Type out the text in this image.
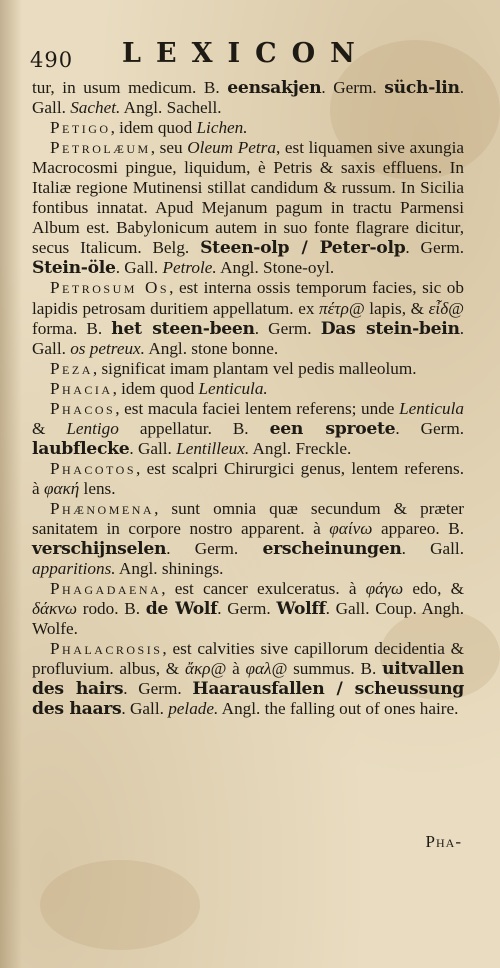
490 LEXICON

tur, in usum medicum. B. eensakjen. Germ. süch-lin. Gall. Sachet. Angl. Sachell.

Petigo, idem quod Lichen.

Petrolæum, seu Oleum Petra, est liquamen sive axungia Macrocosmi pingue, liquidum, è Petris & saxis effluens. In Italiæ regione Mutinensi stillat candidum & russum. In Sicilia fontibus innatat. Apud Mejanum pagum in tractu Parmensi Album est. Babylonicum autem in suo fonte flagrare dicitur, secus Italicum. Belg. Steen-olp / Peter-olp. Germ. Stein-öle. Gall. Petrole. Angl. Stone-oyl.

Petrosum Os, est interna ossis temporum facies, sic ob lapidis petrosam duritiem appellatum. ex πέτρ@ lapis, & εἶδ@ forma. B. het steen-been. Germ. Das stein-bein. Gall. os petreux. Angl. stone bonne.

Peza, significat imam plantam vel pedis malleolum.

Phacia, idem quod Lenticula.

Phacos, est macula faciei lentem referens; unde Lenticula & Lentigo appellatur. B. een sproete. Germ. laubflecke. Gall. Lentilleux. Angl. Freckle.

Phacotos, est scalpri Chirurgici genus, lentem referens. à φακή lens.

Phænomena, sunt omnia quæ secundum & præter sanitatem in corpore nostro apparent. à φαίνω appareo. B. verschijnselen. Germ. erscheinungen. Gall. apparitions. Angl. shinings.

Phagadaena, est cancer exulceratus. à φάγω edo, & δάκνω rodo. B. de Wolf. Germ. Wolff. Gall. Coup. Angh. Wolfe.

Phalacrosis, est calvities sive capillorum decidentia & profluvium. albus, & ἄκρ@ à φαλ@ summus. B. uitvallen des hairs. Germ. Haarausfallen / scheussung des haars. Gall. pelade. Angl. the falling out of ones haire.

Pha-
